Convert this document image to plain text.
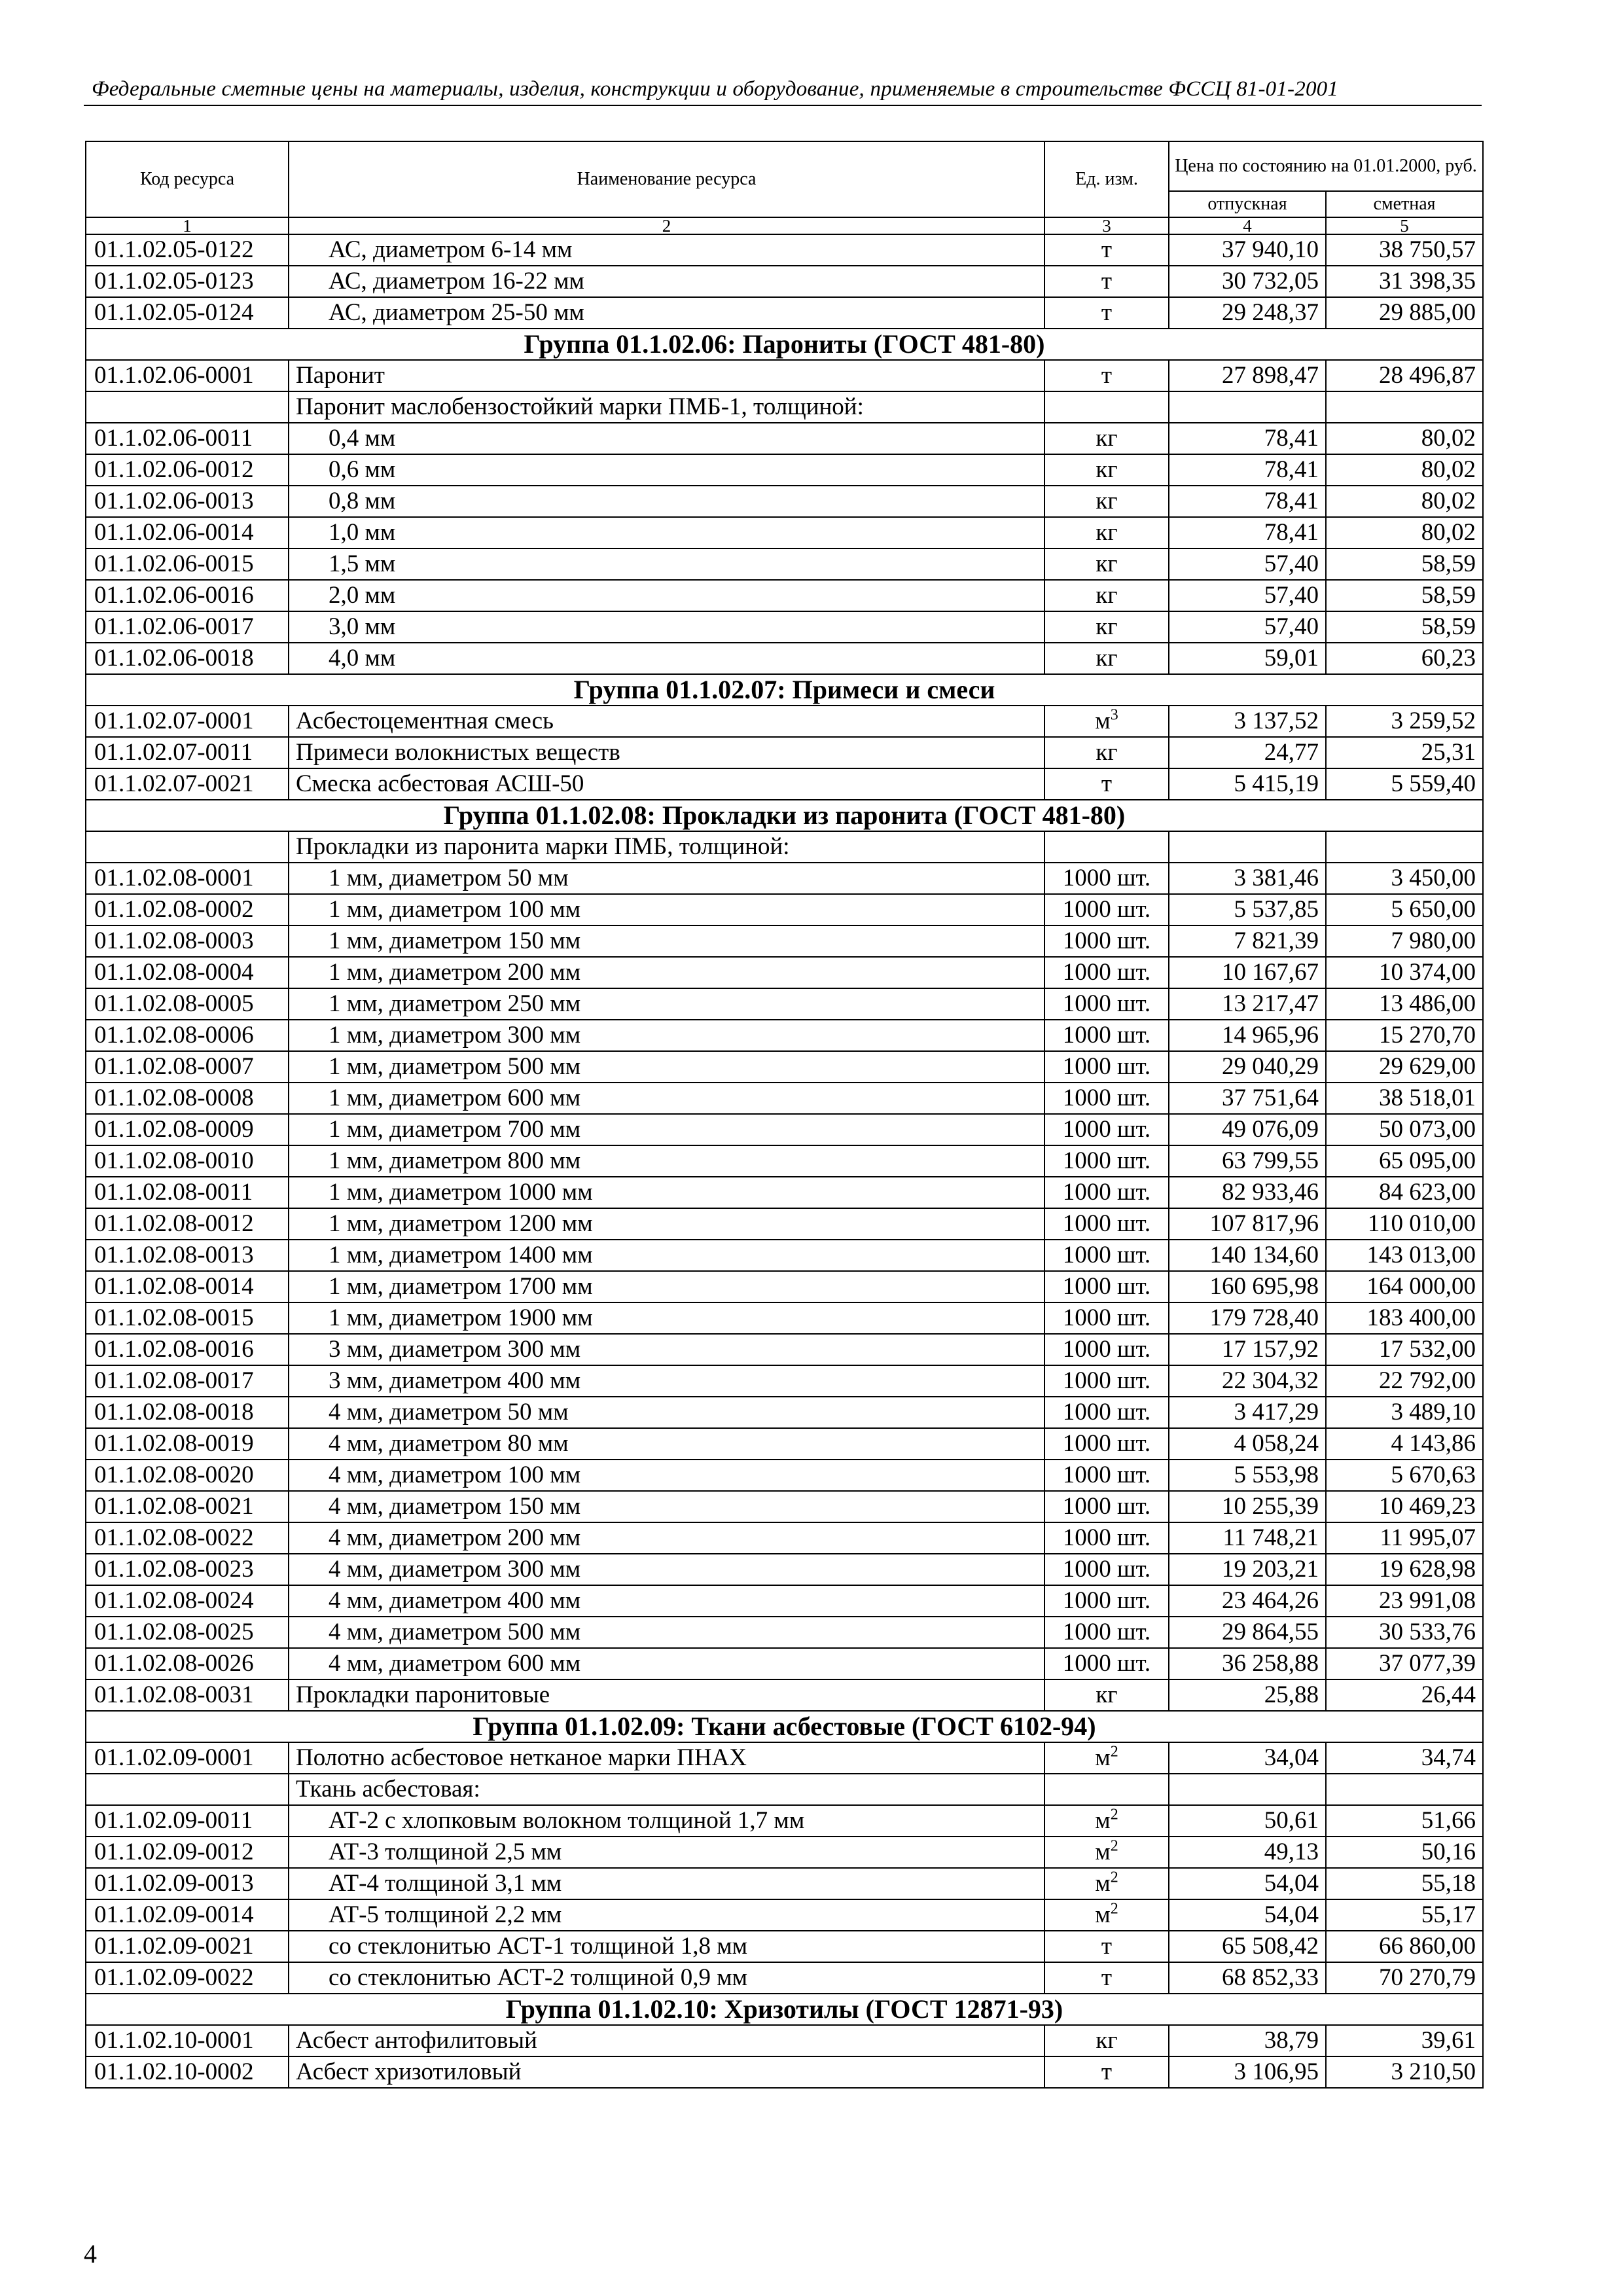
Федеральные сметные цены на материалы, изделия, конструкции и оборудование, применяемые в строительстве ФССЦ 81-01-2001
Код ресурса	Наименование ресурса	Ед. изм.	Цена по состоянию на 01.01.2000, руб.	
			отпускная	сметная
1	2	3	4	5
01.1.02.05-0122	АС, диаметром 6-14 мм	т	37 940,10	38 750,57
01.1.02.05-0123	АС, диаметром 16-22 мм	т	30 732,05	31 398,35
01.1.02.05-0124	АС, диаметром 25-50 мм	т	29 248,37	29 885,00
Группа 01.1.02.06: Парониты (ГОСТ 481-80)				
01.1.02.06-0001	Паронит	т	27 898,47	28 496,87
	Паронит маслобензостойкий марки ПМБ-1, толщиной:			
01.1.02.06-0011	0,4 мм	кг	78,41	80,02
01.1.02.06-0012	0,6 мм	кг	78,41	80,02
01.1.02.06-0013	0,8 мм	кг	78,41	80,02
01.1.02.06-0014	1,0 мм	кг	78,41	80,02
01.1.02.06-0015	1,5 мм	кг	57,40	58,59
01.1.02.06-0016	2,0 мм	кг	57,40	58,59
01.1.02.06-0017	3,0 мм	кг	57,40	58,59
01.1.02.06-0018	4,0 мм	кг	59,01	60,23
Группа 01.1.02.07: Примеси и смеси				
01.1.02.07-0001	Асбестоцементная смесь	$м^3$	3 137,52	3 259,52
01.1.02.07-0011	Примеси волокнистых веществ	кг	24,77	25,31
01.1.02.07-0021	Смеска асбестовая АСШ-50	т	5 415,19	5 559,40
Группа 01.1.02.08: Прокладки из паронита (ГОСТ 481-80)				
	Прокладки из паронита марки ПМБ, толщиной:			
01.1.02.08-0001	1 мм, диаметром 50 мм	1000 шт.	3 381,46	3 450,00
01.1.02.08-0002	1 мм, диаметром 100 мм	1000 шт.	5 537,85	5 650,00
01.1.02.08-0003	1 мм, диаметром 150 мм	1000 шт.	7 821,39	7 980,00
01.1.02.08-0004	1 мм, диаметром 200 мм	1000 шт.	10 167,67	10 374,00
01.1.02.08-0005	1 мм, диаметром 250 мм	1000 шт.	13 217,47	13 486,00
01.1.02.08-0006	1 мм, диаметром 300 мм	1000 шт.	14 965,96	15 270,70
01.1.02.08-0007	1 мм, диаметром 500 мм	1000 шт.	29 040,29	29 629,00
01.1.02.08-0008	1 мм, диаметром 600 мм	1000 шт.	37 751,64	38 518,01
01.1.02.08-0009	1 мм, диаметром 700 мм	1000 шт.	49 076,09	50 073,00
01.1.02.08-0010	1 мм, диаметром 800 мм	1000 шт.	63 799,55	65 095,00
01.1.02.08-0011	1 мм, диаметром 1000 мм	1000 шт.	82 933,46	84 623,00
01.1.02.08-0012	1 мм, диаметром 1200 мм	1000 шт.	107 817,96	110 010,00
01.1.02.08-0013	1 мм, диаметром 1400 мм	1000 шт.	140 134,60	143 013,00
01.1.02.08-0014	1 мм, диаметром 1700 мм	1000 шт.	160 695,98	164 000,00
01.1.02.08-0015	1 мм, диаметром 1900 мм	1000 шт.	179 728,40	183 400,00
01.1.02.08-0016	3 мм, диаметром 300 мм	1000 шт.	17 157,92	17 532,00
01.1.02.08-0017	3 мм, диаметром 400 мм	1000 шт.	22 304,32	22 792,00
01.1.02.08-0018	4 мм, диаметром 50 мм	1000 шт.	3 417,29	3 489,10
01.1.02.08-0019	4 мм, диаметром 80 мм	1000 шт.	4 058,24	4 143,86
01.1.02.08-0020	4 мм, диаметром 100 мм	1000 шт.	5 553,98	5 670,63
01.1.02.08-0021	4 мм, диаметром 150 мм	1000 шт.	10 255,39	10 469,23
01.1.02.08-0022	4 мм, диаметром 200 мм	1000 шт.	11 748,21	11 995,07
01.1.02.08-0023	4 мм, диаметром 300 мм	1000 шт.	19 203,21	19 628,98
01.1.02.08-0024	4 мм, диаметром 400 мм	1000 шт.	23 464,26	23 991,08
01.1.02.08-0025	4 мм, диаметром 500 мм	1000 шт.	29 864,55	30 533,76
01.1.02.08-0026	4 мм, диаметром 600 мм	1000 шт.	36 258,88	37 077,39
01.1.02.08-0031	Прокладки паронитовые	кг	25,88	26,44
Группа 01.1.02.09: Ткани асбестовые (ГОСТ 6102-94)				
01.1.02.09-0001	Полотно асбестовое нетканое марки ПНАХ	$м^2$	34,04	34,74
	Ткань асбестовая:			
01.1.02.09-0011	АТ-2 с хлопковым волокном толщиной 1,7 мм	$м^2$	50,61	51,66
01.1.02.09-0012	АТ-3 толщиной 2,5 мм	$м^2$	49,13	50,16
01.1.02.09-0013	АТ-4 толщиной 3,1 мм	$м^2$	54,04	55,18
01.1.02.09-0014	АТ-5 толщиной 2,2 мм	$м^2$	54,04	55,17
01.1.02.09-0021	со стеклонитью АСТ-1 толщиной 1,8 мм	т	65 508,42	66 860,00
01.1.02.09-0022	со стеклонитью АСТ-2 толщиной 0,9 мм	т	68 852,33	70 270,79
Группа 01.1.02.10: Хризотилы (ГОСТ 12871-93)				
01.1.02.10-0001	Асбест антофилитовый	кг	38,79	39,61
01.1.02.10-0002	Асбест хризотиловый	т	3 106,95	3 210,50
4
